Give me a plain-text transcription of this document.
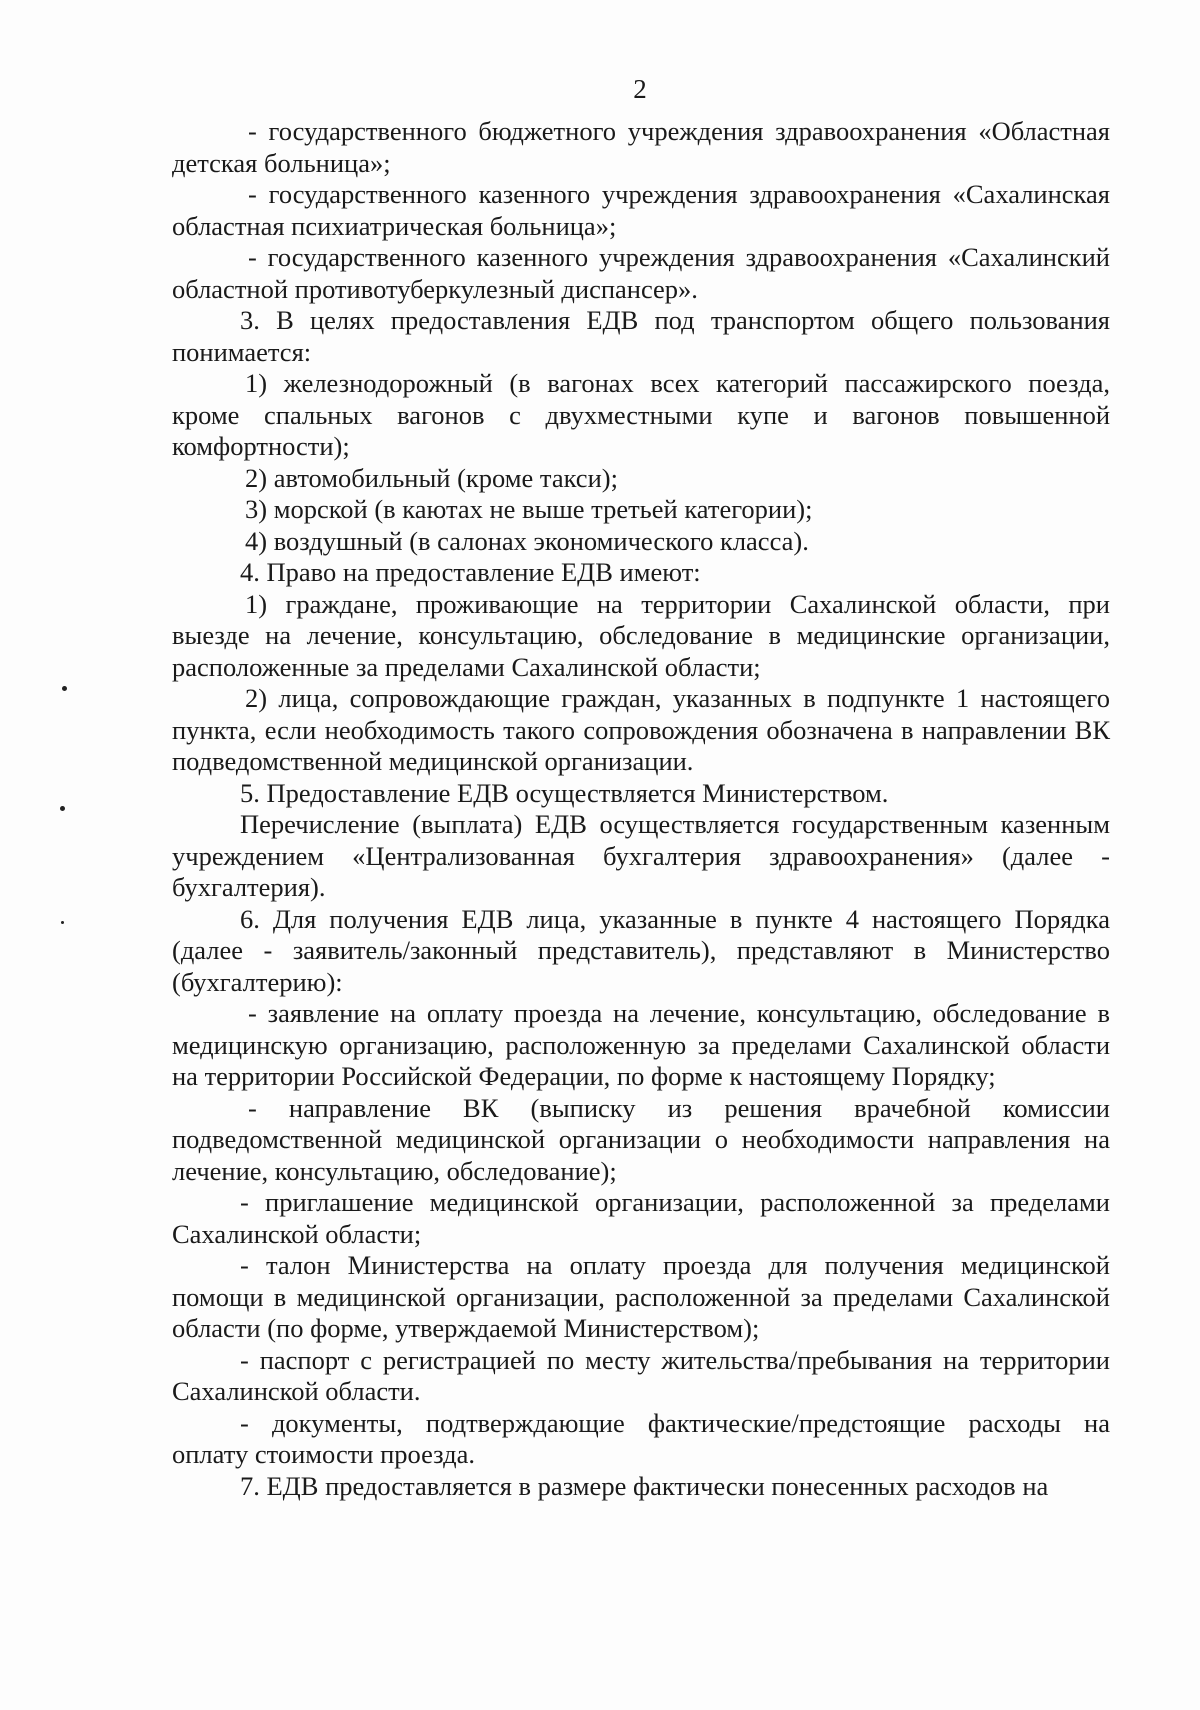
2

- государственного бюджетного учреждения здравоохранения «Областная детская больница»;

- государственного казенного учреждения здравоохранения «Сахалинская областная психиатрическая больница»;

- государственного казенного учреждения здравоохранения «Сахалинский областной противотуберкулезный диспансер».

3. В целях предоставления ЕДВ под транспортом общего пользования понимается:

1) железнодорожный (в вагонах всех категорий пассажирского поезда, кроме спальных вагонов с двухместными купе и вагонов повышенной комфортности);

2) автомобильный (кроме такси);

3) морской (в каютах не выше третьей категории);

4) воздушный (в салонах экономического класса).

4. Право на предоставление ЕДВ имеют:

1) граждане, проживающие на территории Сахалинской области, при выезде на лечение, консультацию, обследование в медицинские организации, расположенные за пределами Сахалинской области;

2) лица, сопровождающие граждан, указанных в подпункте 1 настоящего пункта, если необходимость такого сопровождения обозначена в направлении ВК подведомственной медицинской организации.

5. Предоставление ЕДВ осуществляется Министерством.

Перечисление (выплата) ЕДВ осуществляется государственным казенным учреждением «Централизованная бухгалтерия здравоохранения» (далее - бухгалтерия).

6. Для получения ЕДВ лица, указанные в пункте 4 настоящего Порядка (далее - заявитель/законный представитель), представляют в Министерство (бухгалтерию):

- заявление на оплату проезда на лечение, консультацию, обследование в медицинскую организацию, расположенную за пределами Сахалинской области на территории Российской Федерации, по форме к настоящему Порядку;

- направление ВК (выписку из решения врачебной комиссии подведомственной медицинской организации о необходимости направления на лечение, консультацию, обследование);

- приглашение медицинской организации, расположенной за пределами Сахалинской области;

- талон Министерства на оплату проезда для получения медицинской помощи в медицинской организации, расположенной за пределами Сахалинской области (по форме, утверждаемой Министерством);

- паспорт с регистрацией по месту жительства/пребывания на территории Сахалинской области.

- документы, подтверждающие фактические/предстоящие расходы на оплату стоимости проезда.

7. ЕДВ предоставляется в размере фактически понесенных расходов на
